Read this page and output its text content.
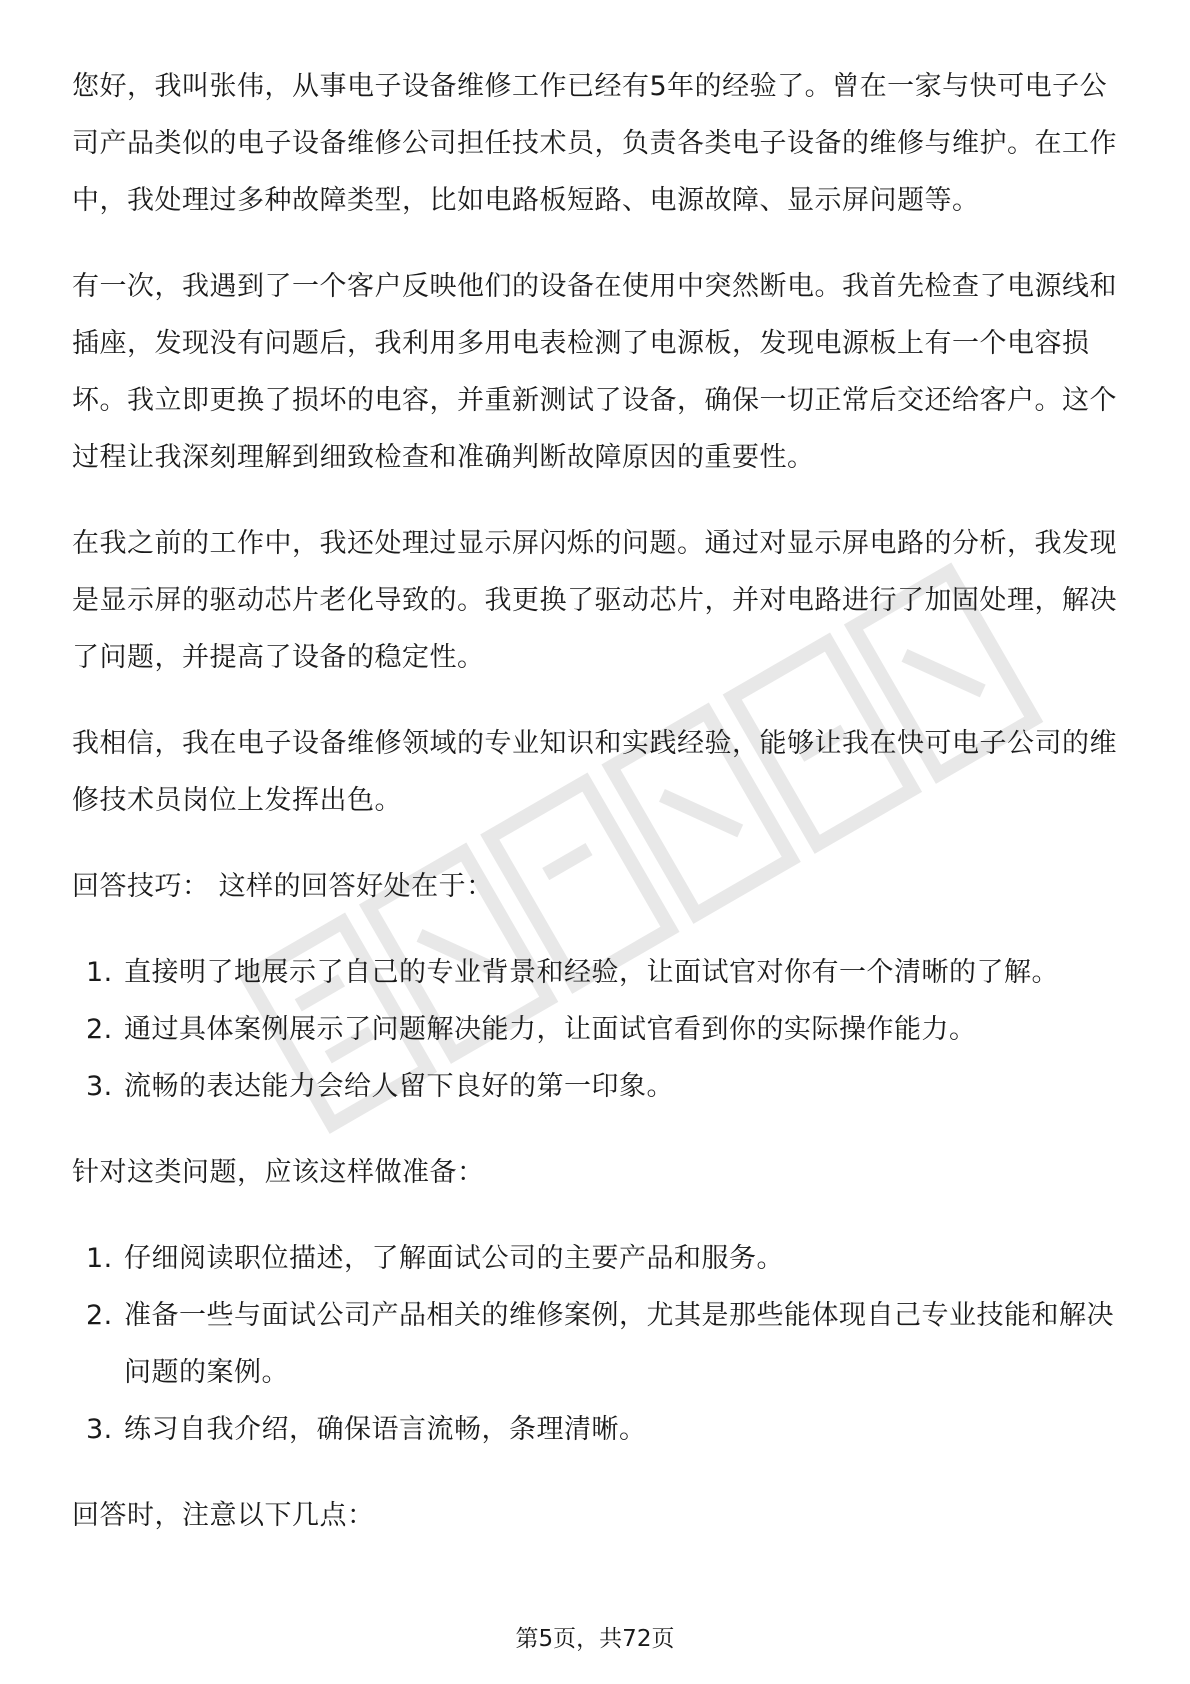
您好，我叫张伟，从事电子设备维修工作已经有5年的经验了。曾在一家与快可电子公司产品类似的电子设备维修公司担任技术员，负责各类电子设备的维修与维护。在工作中，我处理过多种故障类型，比如电路板短路、电源故障、显示屏问题等。

有一次，我遇到了一个客户反映他们的设备在使用中突然断电。我首先检查了电源线和插座，发现没有问题后，我利用多用电表检测了电源板，发现电源板上有一个电容损坏。我立即更换了损坏的电容，并重新测试了设备，确保一切正常后交还给客户。这个过程让我深刻理解到细致检查和准确判断故障原因的重要性。

在我之前的工作中，我还处理过显示屏闪烁的问题。通过对显示屏电路的分析，我发现是显示屏的驱动芯片老化导致的。我更换了驱动芯片，并对电路进行了加固处理，解决了问题，并提高了设备的稳定性。

我相信，我在电子设备维修领域的专业知识和实践经验，能够让我在快可电子公司的维修技术员岗位上发挥出色。

回答技巧： 这样的回答好处在于：

1. 直接明了地展示了自己的专业背景和经验，让面试官对你有一个清晰的了解。
2. 通过具体案例展示了问题解决能力，让面试官看到你的实际操作能力。
3. 流畅的表达能力会给人留下良好的第一印象。

针对这类问题，应该这样做准备：

1. 仔细阅读职位描述，了解面试公司的主要产品和服务。
2. 准备一些与面试公司产品相关的维修案例，尤其是那些能体现自己专业技能和解决问题的案例。
3. 练习自我介绍，确保语言流畅，条理清晰。

回答时，注意以下几点：

第5页，共72页
